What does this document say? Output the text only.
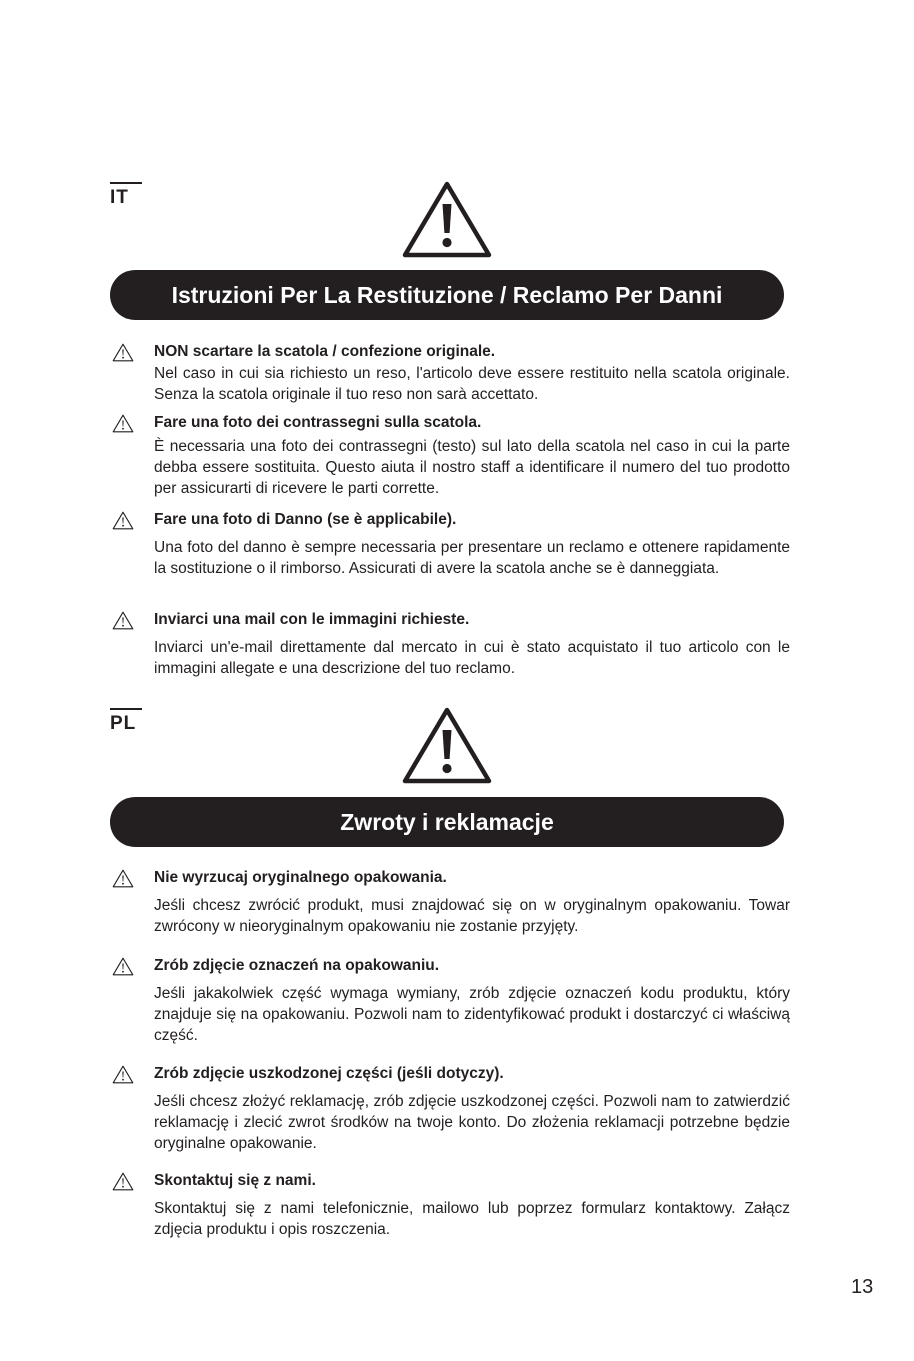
IT
Istruzioni Per La Restituzione / Reclamo Per Danni

NON scartare la scatola / confezione originale.

Nel caso in cui sia richiesto un reso, l'articolo deve essere restituito nella scatola originale. Senza la scatola originale il tuo reso non sarà accettato.

Fare una foto dei contrassegni sulla scatola.

È necessaria una foto dei contrassegni (testo) sul lato della scatola nel caso in cui la parte debba essere sostituita. Questo aiuta il nostro staff a identificare il numero del tuo prodotto per assicurarti di ricevere le parti corrette.

Fare una foto di Danno (se è applicabile).

Una foto del danno è sempre necessaria per presentare un reclamo e ottenere rapidamente la sostituzione o il rimborso. Assicurati di avere la scatola anche se è danneggiata.

Inviarci una mail con le immagini richieste.

Inviarci un'e-mail direttamente dal mercato in cui è stato acquistato il tuo articolo con le immagini allegate e una descrizione del tuo reclamo.

PL
Zwroty i reklamacje

Nie wyrzucaj oryginalnego opakowania.

Jeśli chcesz zwrócić produkt, musi znajdować się on w oryginalnym opakowaniu. Towar zwrócony w nieoryginalnym opakowaniu nie zostanie przyjęty.

Zrób zdjęcie oznaczeń na opakowaniu.

Jeśli jakakolwiek część wymaga wymiany, zrób zdjęcie oznaczeń kodu produktu, który znajduje się na opakowaniu. Pozwoli nam to zidentyfikować produkt i dostarczyć ci właściwą część.

Zrób zdjęcie uszkodzonej części (jeśli dotyczy).

Jeśli chcesz złożyć reklamację, zrób zdjęcie uszkodzonej części. Pozwoli nam to zatwierdzić reklamację i zlecić zwrot środków na twoje konto. Do złożenia reklamacji potrzebne będzie oryginalne opakowanie.

Skontaktuj się z nami.

Skontaktuj się z nami telefonicznie, mailowo lub poprzez formularz kontaktowy. Załącz zdjęcia produktu i opis roszczenia.

13
